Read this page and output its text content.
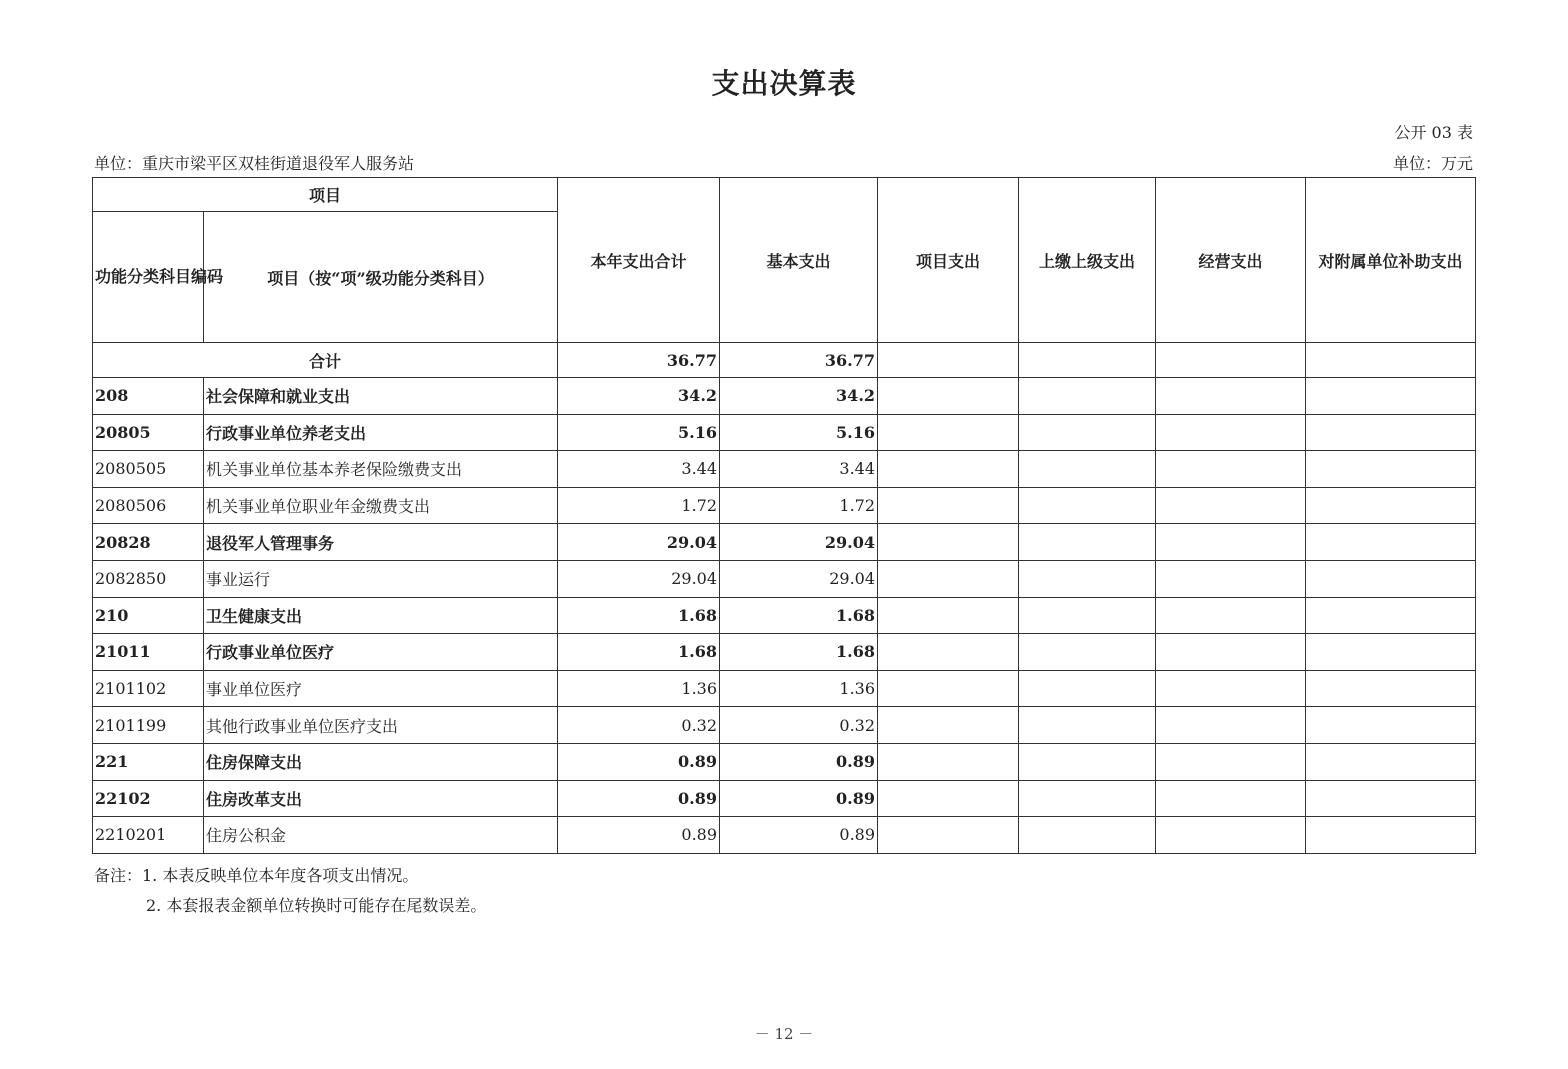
支出决算表
公开 03 表
单位：重庆市梁平区双桂街道退役军人服务站	单位：万元
项目		本年支出合计	基本支出	项目支出	上缴上级支出	经营支出	对附属单位补助支出
功能分类科目编码	项目（按“项”级功能分类科目）						
合计		36.77	36.77				
208	社会保障和就业支出	34.2	34.2				
20805	行政事业单位养老支出	5.16	5.16				
2080505	机关事业单位基本养老保险缴费支出	3.44	3.44				
2080506	机关事业单位职业年金缴费支出	1.72	1.72				
20828	退役军人管理事务	29.04	29.04				
2082850	事业运行	29.04	29.04				
210	卫生健康支出	1.68	1.68				
21011	行政事业单位医疗	1.68	1.68				
2101102	事业单位医疗	1.36	1.36				
2101199	其他行政事业单位医疗支出	0.32	0.32				
221	住房保障支出	0.89	0.89				
22102	住房改革支出	0.89	0.89				
2210201	住房公积金	0.89	0.89				
备注：1. 本表反映单位本年度各项支出情况。
2. 本套报表金额单位转换时可能存在尾数误差。
－ 12 －
